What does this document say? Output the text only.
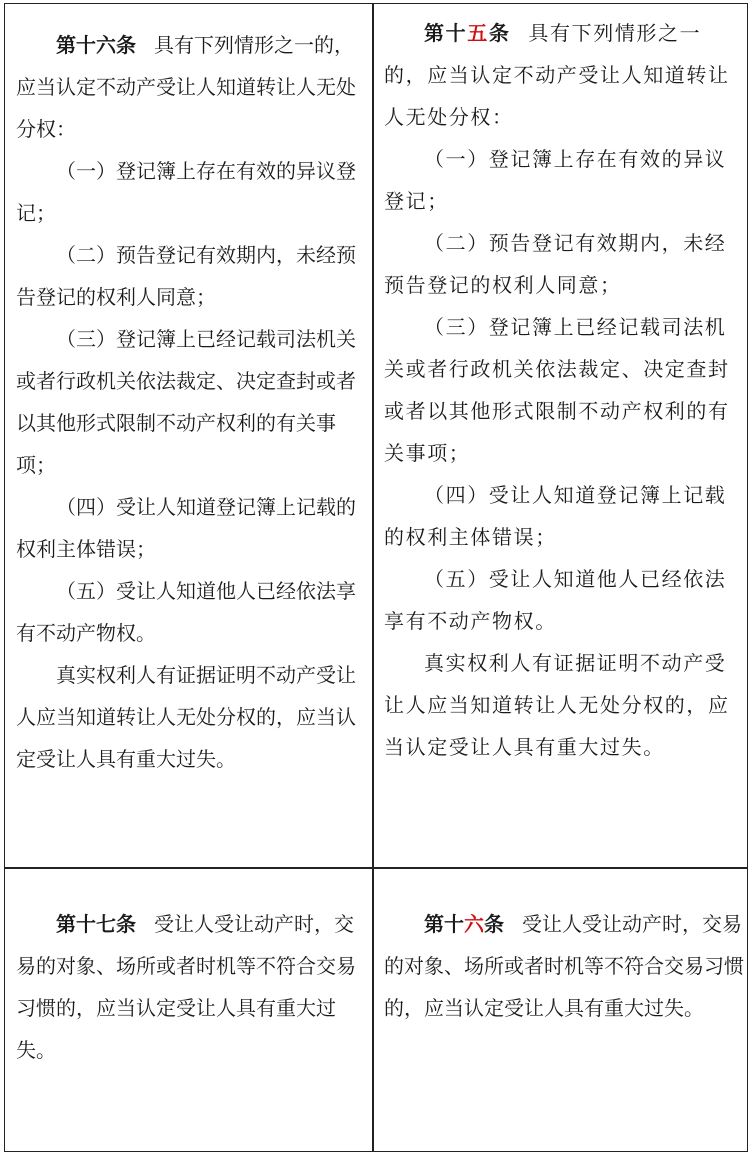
第十六条 具有下列情形之一的，应当认定不动产受让人知道转让人无处分权：

（一）登记簿上存在有效的异议登记；

（二）预告登记有效期内，未经预告登记的权利人同意；

（三）登记簿上已经记载司法机关或者行政机关依法裁定、决定查封或者以其他形式限制不动产权利的有关事项；

（四）受让人知道登记簿上记载的权利主体错误；

（五）受让人知道他人已经依法享有不动产物权。

真实权利人有证据证明不动产受让人应当知道转让人无处分权的，应当认定受让人具有重大过失。

第十五条 具有下列情形之一的，应当认定不动产受让人知道转让人无处分权：

（一）登记簿上存在有效的异议登记；

（二）预告登记有效期内，未经预告登记的权利人同意；

（三）登记簿上已经记载司法机关或者行政机关依法裁定、决定查封或者以其他形式限制不动产权利的有关事项；

（四）受让人知道登记簿上记载的权利主体错误；

（五）受让人知道他人已经依法享有不动产物权。

真实权利人有证据证明不动产受让人应当知道转让人无处分权的，应当认定受让人具有重大过失。

第十七条 受让人受让动产时，交易的对象、场所或者时机等不符合交易习惯的，应当认定受让人具有重大过失。

第十六条 受让人受让动产时，交易的对象、场所或者时机等不符合交易习惯的，应当认定受让人具有重大过失。
